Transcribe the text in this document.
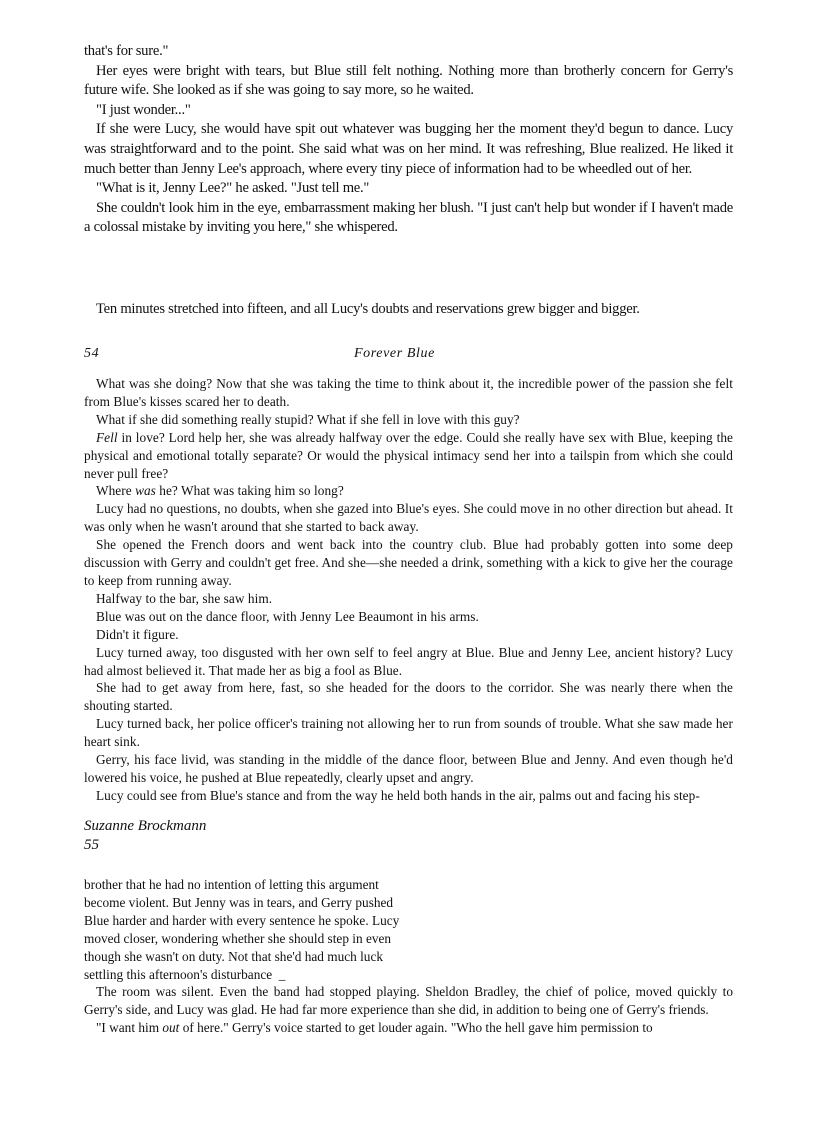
that's for sure."

Her eyes were bright with tears, but Blue still felt nothing. Nothing more than brotherly concern for Gerry's future wife. She looked as if she was going to say more, so he waited.

"I just wonder..."

If she were Lucy, she would have spit out whatever was bugging her the moment they'd begun to dance. Lucy was straightforward and to the point. She said what was on her mind. It was refreshing, Blue realized. He liked it much better than Jenny Lee's approach, where every tiny piece of information had to be wheedled out of her.

"What is it, Jenny Lee?" he asked. "Just tell me."

She couldn't look him in the eye, embarrassment making her blush. "I just can't help but wonder if I haven't made a colossal mistake by inviting you here," she whispered.

Ten minutes stretched into fifteen, and all Lucy's doubts and reservations grew bigger and bigger.

54	Forever Blue

What was she doing? Now that she was taking the time to think about it, the incredible power of the passion she felt from Blue's kisses scared her to death.

What if she did something really stupid? What if she fell in love with this guy?

Fell in love? Lord help her, she was already halfway over the edge. Could she really have sex with Blue, keeping the physical and emotional totally separate? Or would the physical intimacy send her into a tailspin from which she could never pull free?

Where was he? What was taking him so long?

Lucy had no questions, no doubts, when she gazed into Blue's eyes. She could move in no other direction but ahead. It was only when he wasn't around that she started to back away.

She opened the French doors and went back into the country club. Blue had probably gotten into some deep discussion with Gerry and couldn't get free. And she—she needed a drink, something with a kick to give her the courage to keep from running away.

Halfway to the bar, she saw him.

Blue was out on the dance floor, with Jenny Lee Beaumont in his arms.

Didn't it figure.

Lucy turned away, too disgusted with her own self to feel angry at Blue. Blue and Jenny Lee, ancient history? Lucy had almost believed it. That made her as big a fool as Blue.

She had to get away from here, fast, so she headed for the doors to the corridor. She was nearly there when the shouting started.

Lucy turned back, her police officer's training not allowing her to run from sounds of trouble. What she saw made her heart sink.

Gerry, his face livid, was standing in the middle of the dance floor, between Blue and Jenny. And even though he'd lowered his voice, he pushed at Blue repeatedly, clearly upset and angry.

Lucy could see from Blue's stance and from the way he held both hands in the air, palms out and facing his step-

Suzanne Brockmann
55
brother that he had no intention of letting this argument
become violent. But Jenny was in tears, and Gerry pushed
Blue harder and harder with every sentence he spoke. Lucy
moved closer, wondering whether she should step in even
though she wasn't on duty. Not that she'd had much luck
settling this afternoon's disturbance  _

The room was silent. Even the band had stopped playing. Sheldon Bradley, the chief of police, moved quickly to Gerry's side, and Lucy was glad. He had far more experience than she did, in addition to being one of Gerry's friends.

"I want him out of here." Gerry's voice started to get louder again. "Who the hell gave him permission to
